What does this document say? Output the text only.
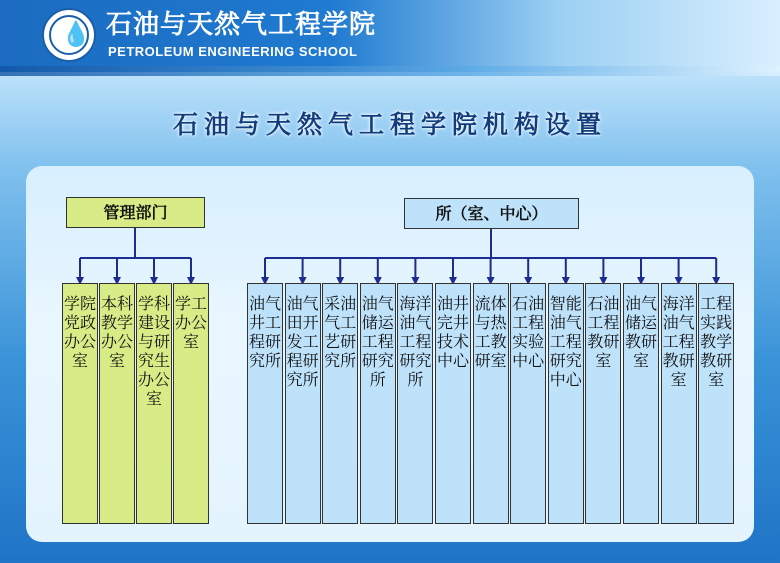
💧 石油与天然气工程学院
PETROLEUM ENGINEERING SCHOOL
石油与天然气工程学院机构设置
管理部门	所（室、中心）
学院党政办公室
本科教学办公室
学科建设与研究生办公室
学工办公室
油气井工程研究所
油气田开发工程研究所
采油气工艺研究所
油气储运工程研究所
海洋油气工程研究所
油井完井技术中心
流体与热工教研室
石油工程实验中心
智能油气工程研究中心
石油工程教研室
油气储运教研室
海洋油气工程教研室
工程实践教学教研室
